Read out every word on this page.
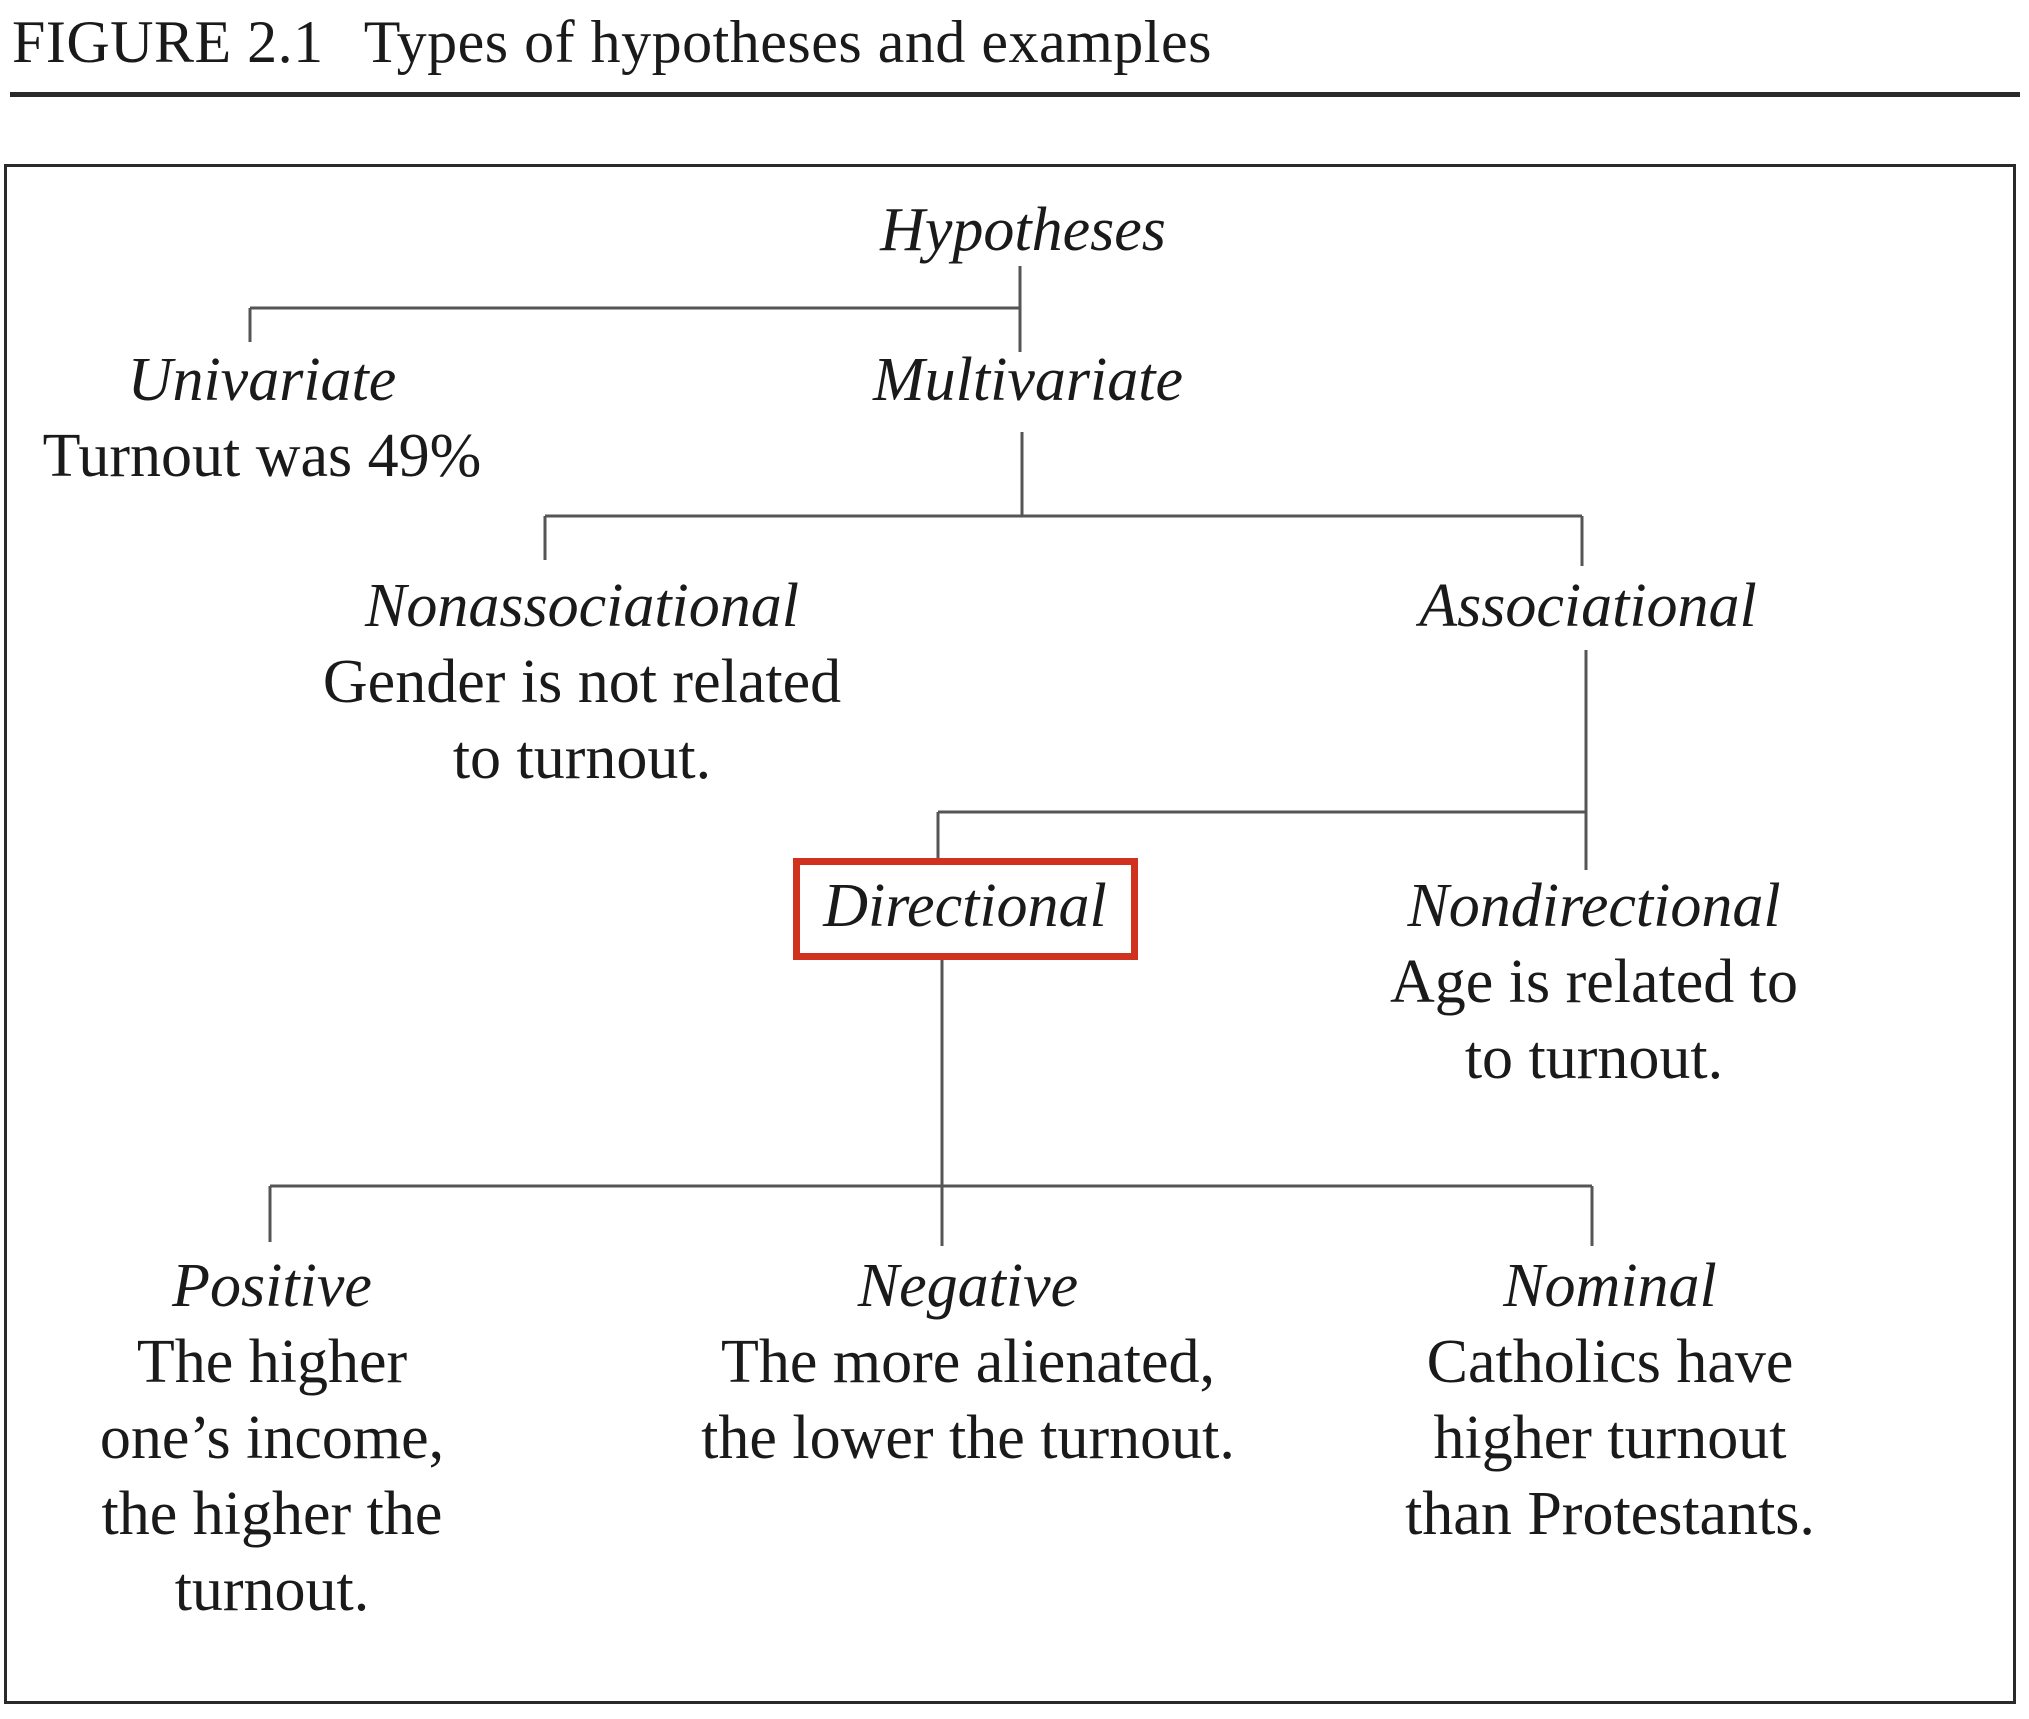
FIGURE 2.1 Types of hypotheses and examples
Hypotheses
Univariate
Turnout was 49%
Multivariate
Nonassociational
Gender is not related
to turnout.
Associational
Directional	Nondirectional
Age is related to
to turnout.
Positive
The higher
one’s income,
the higher the
turnout.
Negative
The more alienated,
the lower the turnout.
Nominal
Catholics have
higher turnout
than Protestants.
